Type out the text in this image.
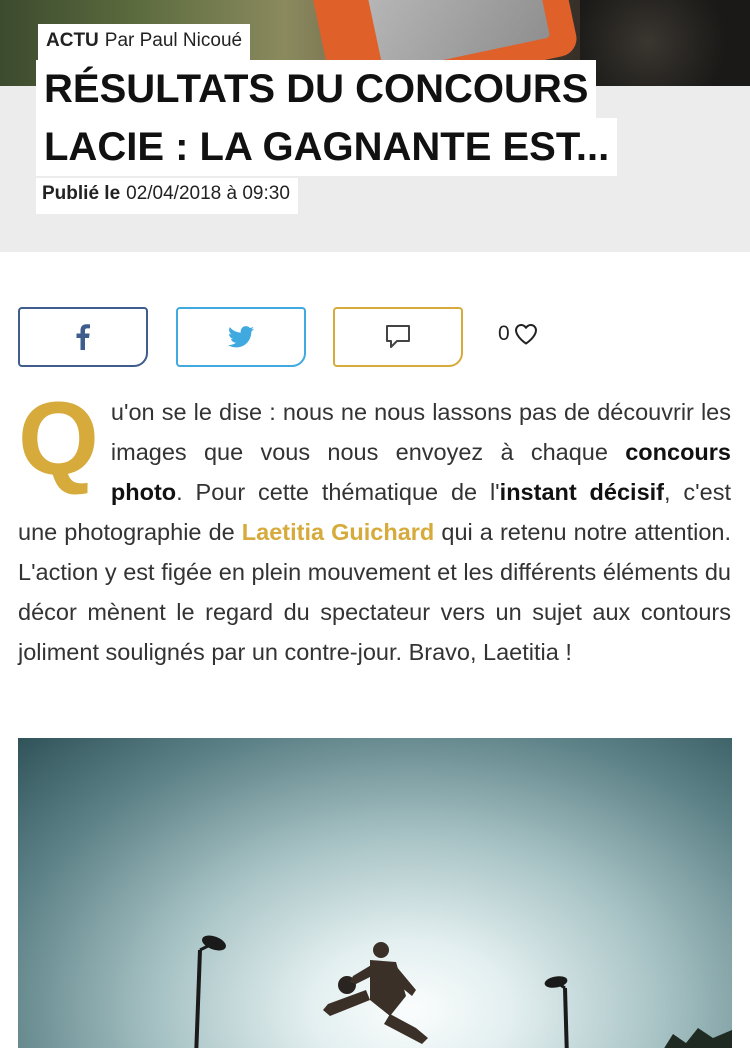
ACTU Par Paul Nicoué
RÉSULTATS DU CONCOURS
LACIE : LA GAGNANTE EST...
Publié le 02/04/2018 à 09:30
0
Q u'on se le dise : nous ne nous lassons pas de découvrir les images que vous nous envoyez à chaque concours photo. Pour cette thématique de l'instant décisif, c'est une photographie de Laetitia Guichard qui a retenu notre attention. L'action y est figée en plein mouvement et les différents éléments du décor mènent le regard du spectateur vers un sujet aux contours joliment soulignés par un contre-jour. Bravo, Laetitia !
